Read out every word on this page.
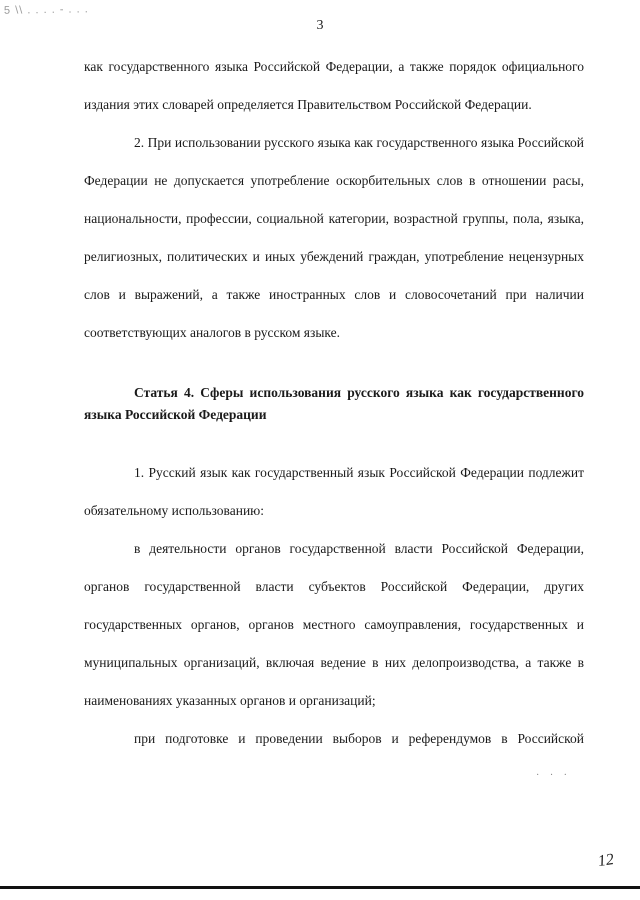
5 \\ . . . . - . . .
3

как государственного языка Российской Федерации, а также порядок официального издания этих словарей определяется Правительством Российской Федерации.

2. При использовании русского языка как государственного языка Российской Федерации не допускается употребление оскорбительных слов в отношении расы, национальности, профессии, социальной категории, возрастной группы, пола, языка, религиозных, политических и иных убеждений граждан, употребление нецензурных слов и выражений, а также иностранных слов и словосочетаний при наличии соответствующих аналогов в русском языке.

Статья 4. Сферы использования русского языка как государственного языка Российской Федерации

1. Русский язык как государственный язык Российской Федерации подлежит обязательному использованию:

в деятельности органов государственной власти Российской Федерации, органов государственной власти субъектов Российской Федерации, других государственных органов, органов местного самоуправления, государственных и муниципальных организаций, включая ведение в них делопроизводства, а также в наименованиях указанных органов и организаций;

при подготовке и проведении выборов и референдумов в Российской

· · ·
12
